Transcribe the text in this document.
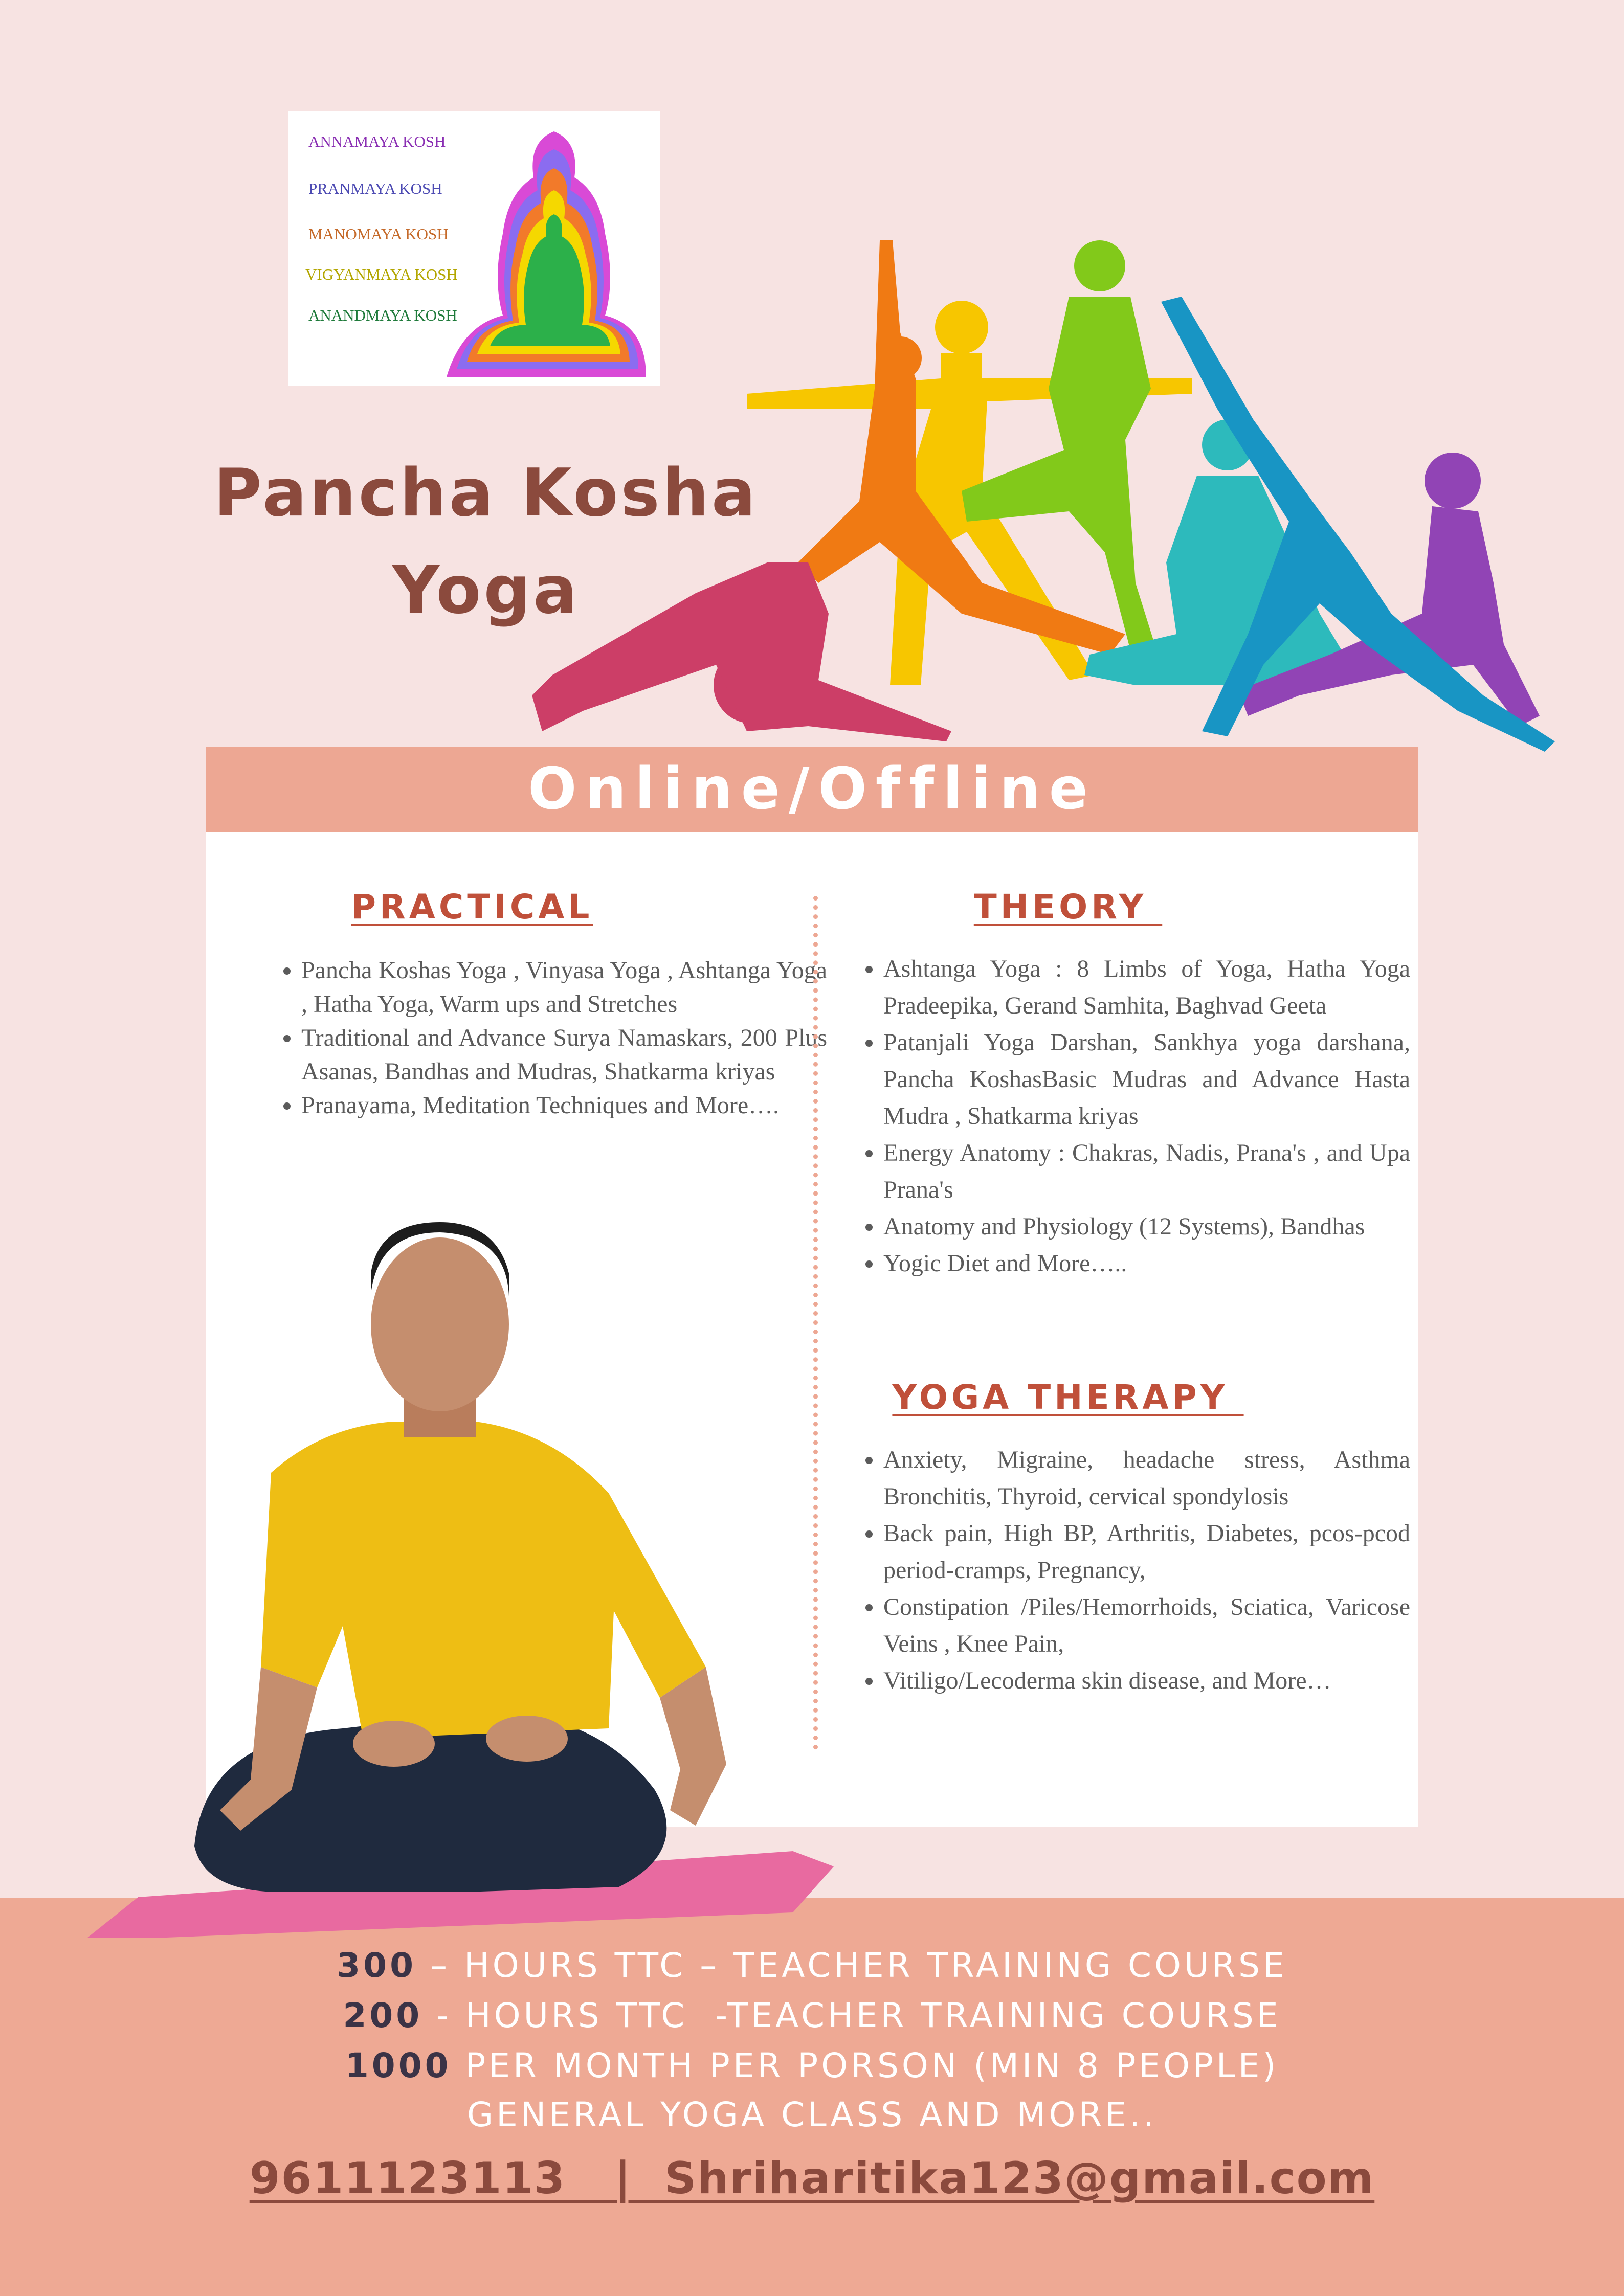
ANNAMAYA KOSH
PRANMAYA KOSH
MANOMAYA KOSH
VIGYANMAYA KOSH
ANANDMAYA KOSH
Pancha Kosha
Yoga
Online/Offline
PRACTICAL
• Pancha Koshas Yoga , Vinyasa Yoga , Ashtanga Yoga , Hatha Yoga, Warm ups and Stretches
• Traditional and Advance Surya Namaskars, 200 Plus Asanas, Bandhas and Mudras, Shatkarma kriyas
• Pranayama, Meditation Techniques and More….
THEORY
• Ashtanga Yoga : 8 Limbs of Yoga, Hatha Yoga Pradeepika, Gerand Samhita, Baghvad Geeta
• Patanjali Yoga Darshan, Sankhya yoga darshana, Pancha KoshasBasic Mudras and Advance Hasta Mudra , Shatkarma kriyas
• Energy Anatomy : Chakras, Nadis, Prana's , and Upa Prana's
• Anatomy and Physiology (12 Systems), Bandhas
• Yogic Diet and More…..
YOGA THERAPY
• Anxiety, Migraine, headache stress, Asthma Bronchitis, Thyroid, cervical spondylosis
• Back pain, High BP, Arthritis, Diabetes, pcos-pcod period-cramps, Pregnancy,
• Constipation /Piles/Hemorrhoids, Sciatica, Varicose Veins , Knee Pain,
• Vitiligo/Lecoderma skin disease, and More…
300 – HOURS TTC – TEACHER TRAINING COURSE
200 - HOURS TTC  -TEACHER TRAINING COURSE
1000 PER MONTH PER PORSON (MIN 8 PEOPLE)
GENERAL YOGA CLASS AND MORE..
9611123113   |  Shriharitika123@gmail.com
